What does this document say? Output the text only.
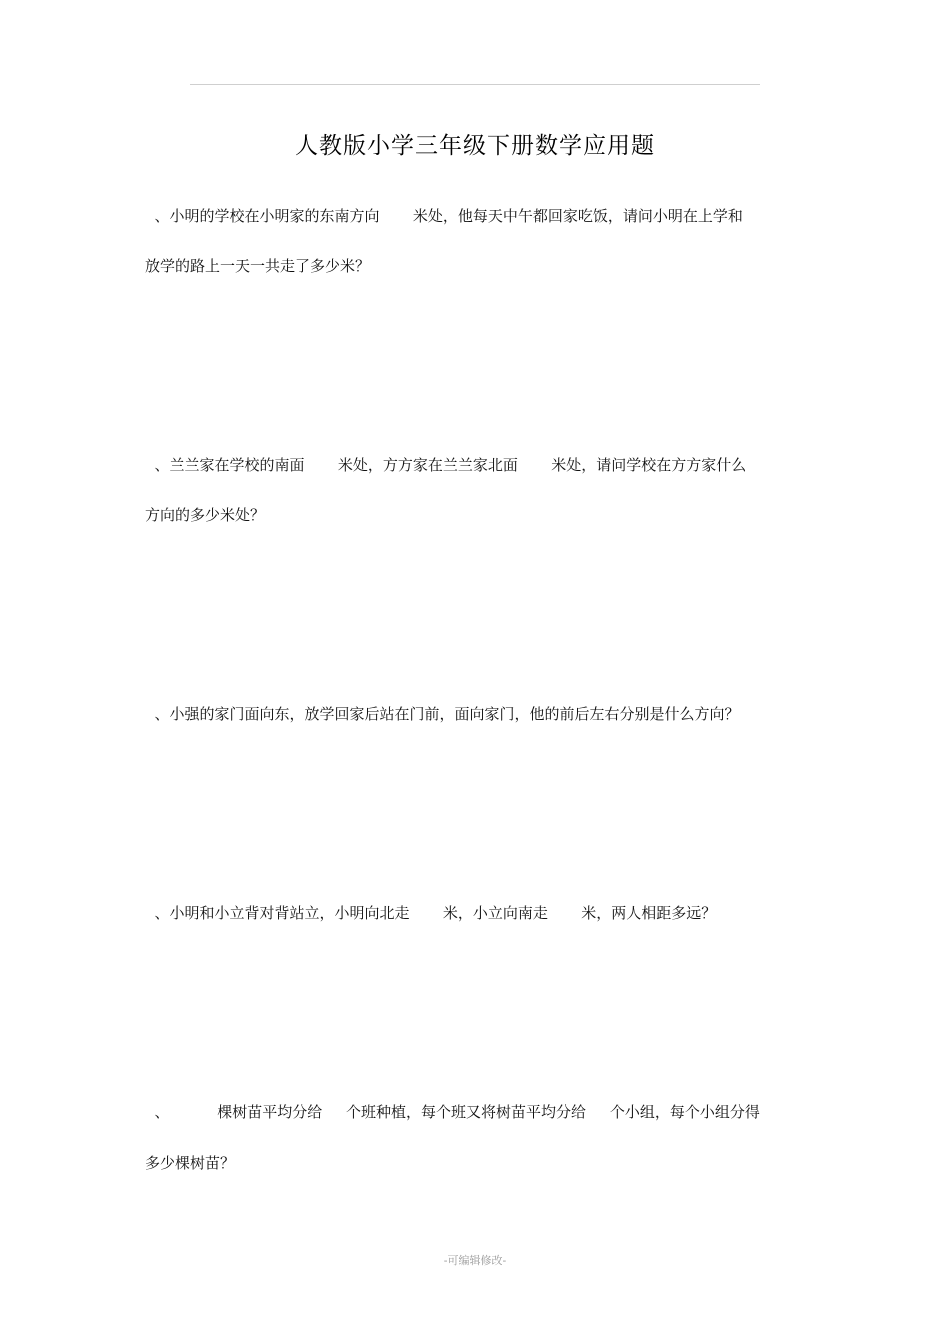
人教版小学三年级下册数学应用题
、小明的学校在小明家的东南方向       米处，他每天中午都回家吃饭，请问小明在上学和
放学的路上一天一共走了多少米？
、兰兰家在学校的南面       米处，方方家在兰兰家北面       米处，请问学校在方方家什么
方向的多少米处？
、小强的家门面向东，放学回家后站在门前，面向家门，他的前后左右分别是什么方向？
、小明和小立背对背站立，小明向北走       米，小立向南走       米，两人相距多远？
、          棵树苗平均分给     个班种植，每个班又将树苗平均分给     个小组，每个小组分得
多少棵树苗？
-可编辑修改-
